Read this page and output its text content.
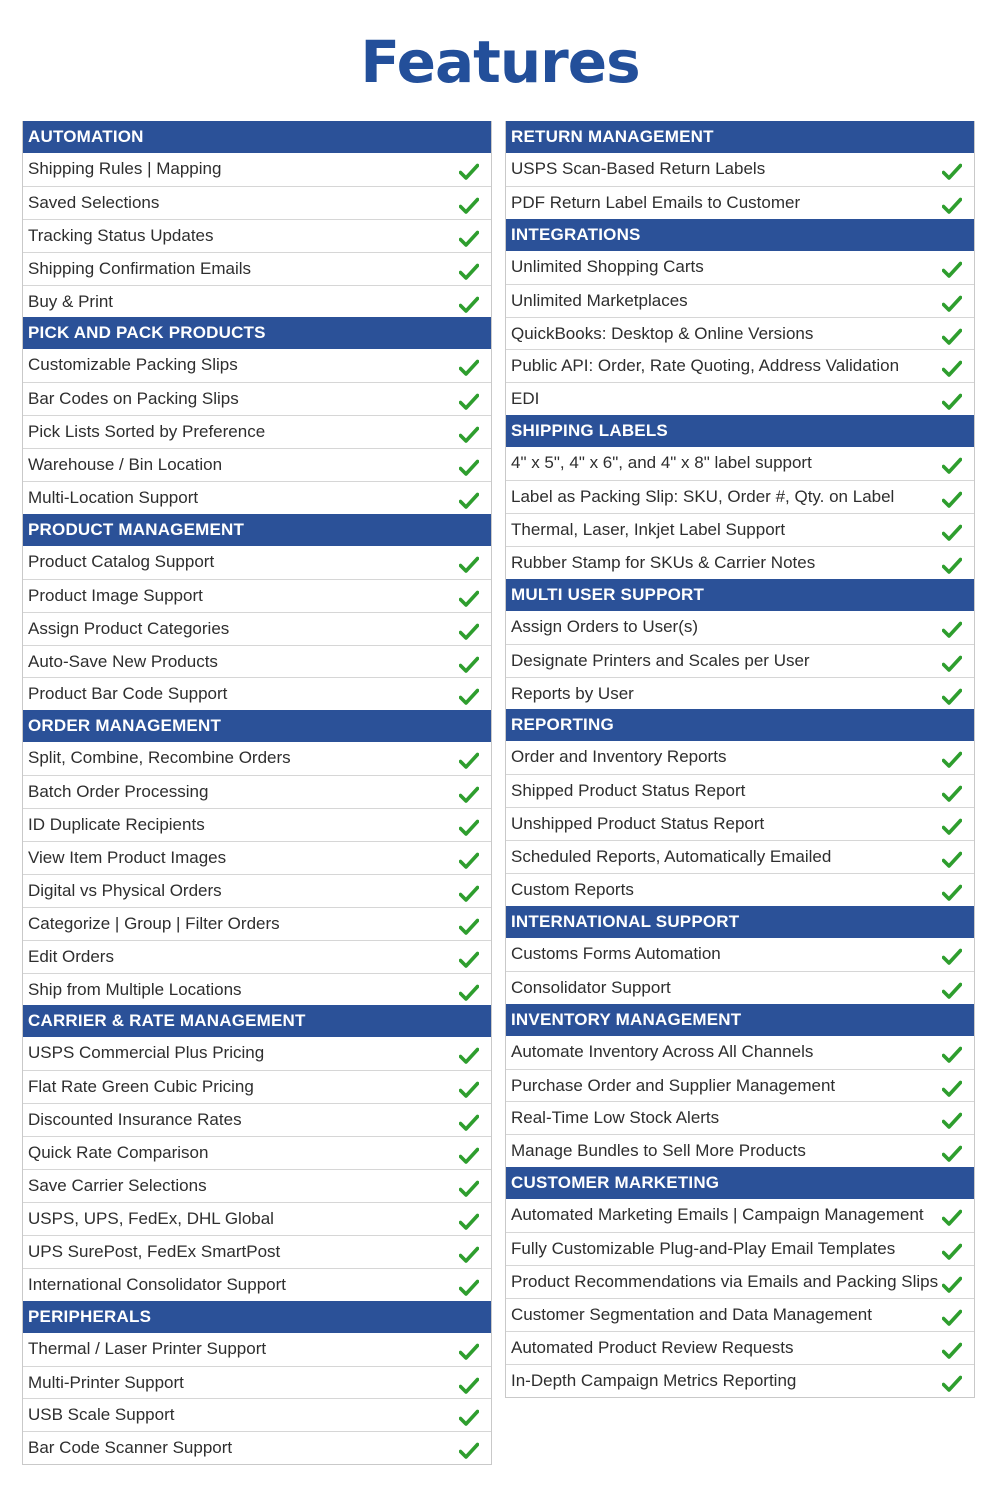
Features
AUTOMATION
Shipping Rules | Mapping
Saved Selections
Tracking Status Updates
Shipping Confirmation Emails
Buy & Print
PICK AND PACK PRODUCTS
Customizable Packing Slips
Bar Codes on Packing Slips
Pick Lists Sorted by Preference
Warehouse / Bin Location
Multi-Location Support
PRODUCT MANAGEMENT
Product Catalog Support
Product Image Support
Assign Product Categories
Auto-Save New Products
Product Bar Code Support
ORDER MANAGEMENT
Split, Combine, Recombine Orders
Batch Order Processing
ID Duplicate Recipients
View Item Product Images
Digital vs Physical Orders
Categorize | Group | Filter Orders
Edit Orders
Ship from Multiple Locations
CARRIER & RATE MANAGEMENT
USPS Commercial Plus Pricing
Flat Rate Green Cubic Pricing
Discounted Insurance Rates
Quick Rate Comparison
Save Carrier Selections
USPS, UPS, FedEx, DHL Global
UPS SurePost, FedEx SmartPost
International Consolidator Support
PERIPHERALS
Thermal / Laser Printer Support
Multi-Printer Support
USB Scale Support
Bar Code Scanner Support
RETURN MANAGEMENT
USPS Scan-Based Return Labels
PDF Return Label Emails to Customer
INTEGRATIONS
Unlimited Shopping Carts
Unlimited Marketplaces
QuickBooks: Desktop & Online Versions
Public API: Order, Rate Quoting, Address Validation
EDI
SHIPPING LABELS
4" x 5", 4" x 6", and 4" x 8" label support
Label as Packing Slip: SKU, Order #, Qty. on Label
Thermal, Laser, Inkjet Label Support
Rubber Stamp for SKUs & Carrier Notes
MULTI USER SUPPORT
Assign Orders to User(s)
Designate Printers and Scales per User
Reports by User
REPORTING
Order and Inventory Reports
Shipped Product Status Report
Unshipped Product Status Report
Scheduled Reports, Automatically Emailed
Custom Reports
INTERNATIONAL SUPPORT
Customs Forms Automation
Consolidator Support
INVENTORY MANAGEMENT
Automate Inventory Across All Channels
Purchase Order and Supplier Management
Real-Time Low Stock Alerts
Manage Bundles to Sell More Products
CUSTOMER MARKETING
Automated Marketing Emails | Campaign Management
Fully Customizable Plug-and-Play Email Templates
Product Recommendations via Emails and Packing Slips
Customer Segmentation and Data Management
Automated Product Review Requests
In-Depth Campaign Metrics Reporting
